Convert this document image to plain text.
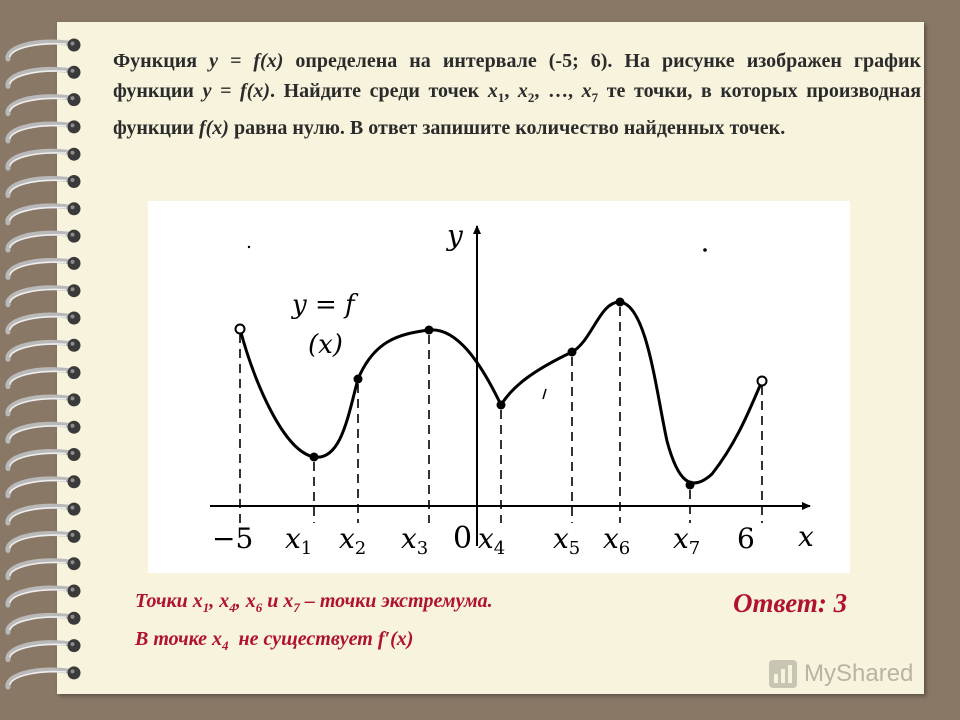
Функция y = f(x) определена на интервале (-5; 6). На рисунке изображен график функции y = f(x). Найдите среди точек $x_1$, $x_2$, …, $x_7$ те точки, в которых производная функции f(x) равна нулю. В ответ запишите количество найденных точек.
y
x
y = f
(x)
0
−5 $x_1$ $x_2$ $x_3$ $x_4$ $x_5$ $x_6$ $x_7$ 6
Точки $x_1$, $x_4$, $x_6$ и $x_7$ – точки экстремума.
В точке $x_4$  не существует f′(x)
Ответ: 3
MyShared
